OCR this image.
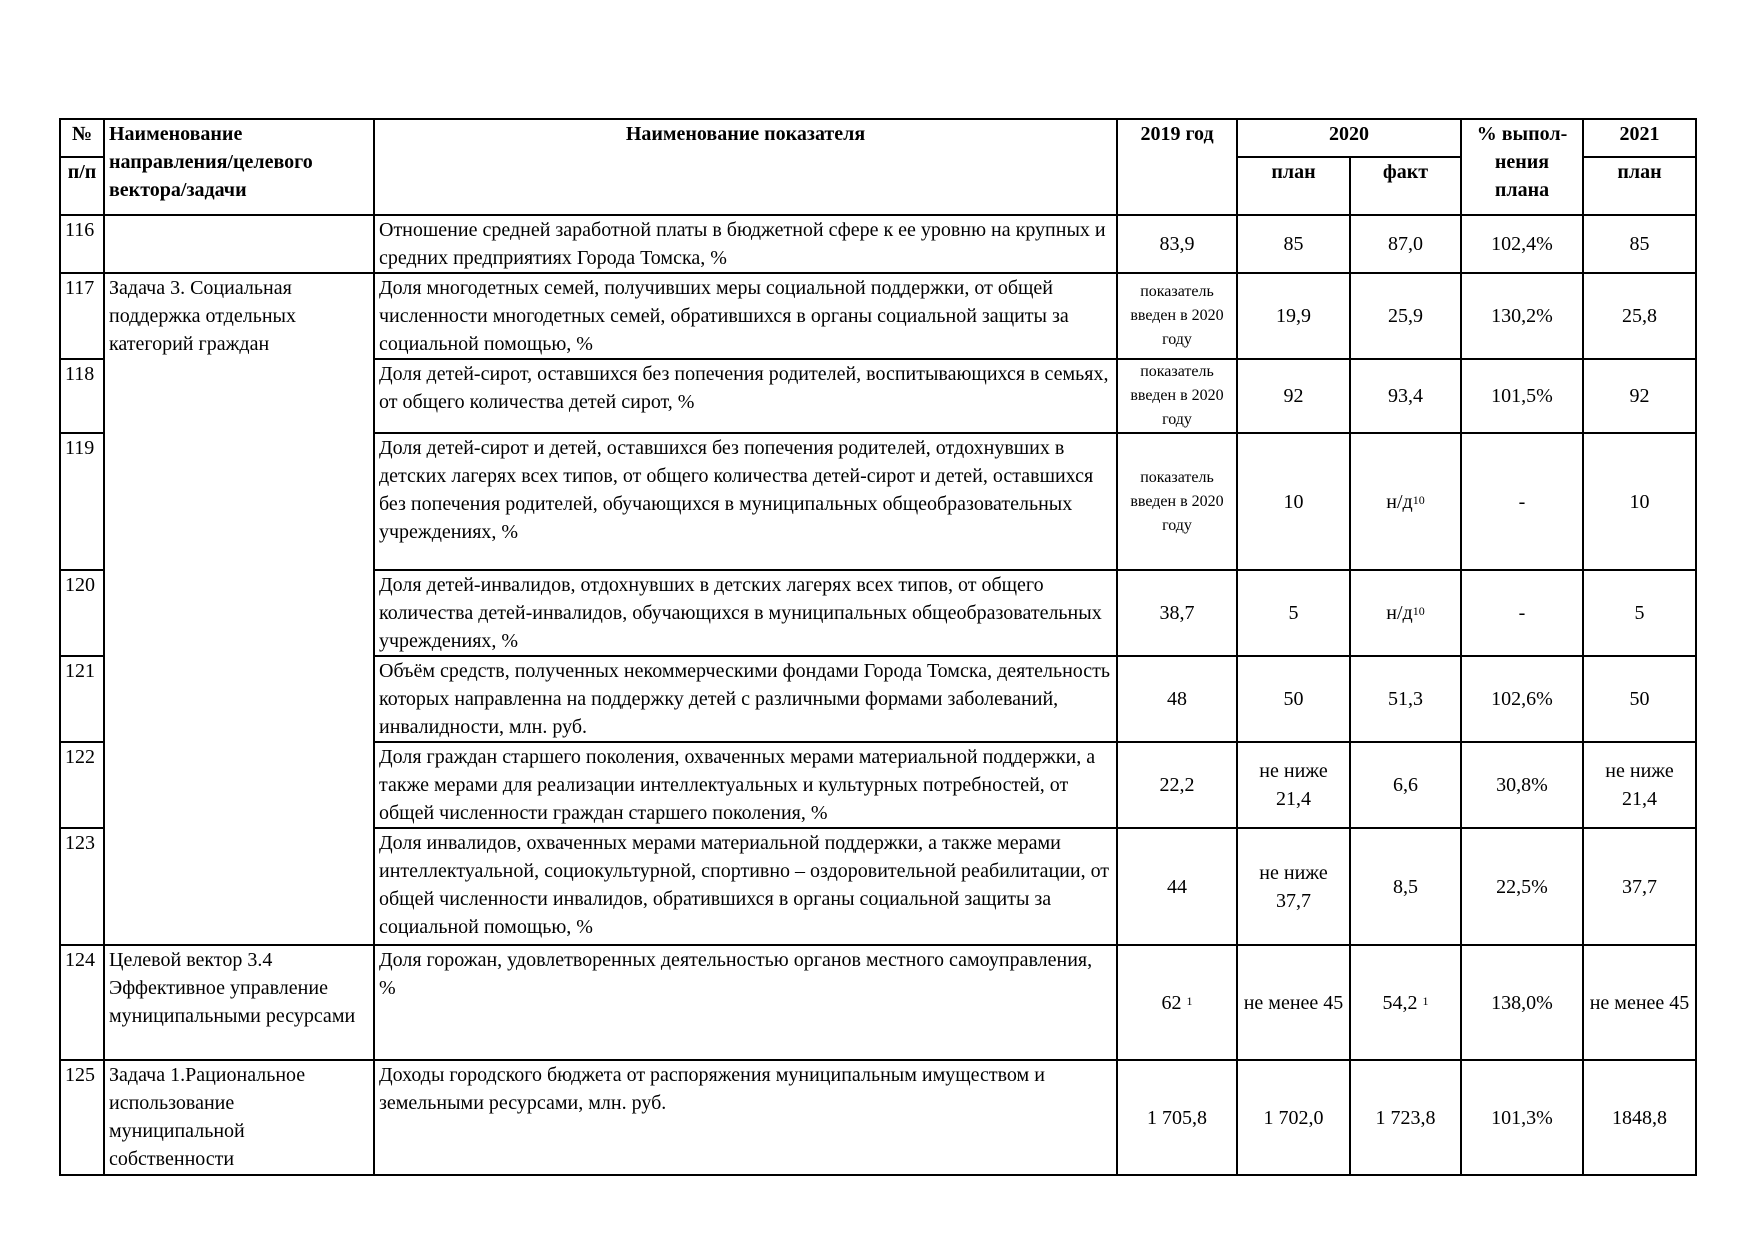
№	Наименование направления/целевого вектора/задачи	Наименование показателя	2019 год	2020		% выпол-нения плана	2021
п/п				план	факт		план
116		Отношение средней заработной платы в бюджетной сфере к ее уровню на крупных и средних предприятиях Города Томска, %	83,9	85	87,0	102,4%	85
117	Задача 3. Социальная поддержка отдельных категорий граждан	Доля многодетных семей, получивших меры социальной поддержки, от общей численности многодетных семей, обратившихся в органы социальной защиты за социальной помощью, %	показатель введен в 2020 году	19,9	25,9	130,2%	25,8
118		Доля детей-сирот, оставшихся без попечения родителей, воспитывающихся в семьях, от общего количества детей сирот, %	показатель введен в 2020 году	92	93,4	101,5%	92
119		Доля детей-сирот и детей, оставшихся без попечения родителей, отдохнувших в детских лагерях всех типов, от общего количества детей-сирот и детей, оставшихся без попечения родителей, обучающихся в муниципальных общеобразовательных учреждениях, %	показатель введен в 2020 году	10	$н/д^{10}$	-	10
120		Доля детей-инвалидов, отдохнувших в детских лагерях всех типов, от общего количества детей-инвалидов, обучающихся в муниципальных общеобразовательных учреждениях, %	38,7	5	$н/д^{10}$	-	5
121		Объём средств, полученных некоммерческими фондами Города Томска, деятельность которых направленна на поддержку детей с различными формами заболеваний, инвалидности, млн. руб.	48	50	51,3	102,6%	50
122		Доля граждан старшего поколения, охваченных мерами материальной поддержки, а также мерами для реализации интеллектуальных и культурных потребностей, от общей численности граждан старшего поколения, %	22,2	не ниже 21,4	6,6	30,8%	не ниже 21,4
123		Доля инвалидов, охваченных мерами материальной поддержки, а также мерами интеллектуальной, социокультурной, спортивно – оздоровительной реабилитации, от общей численности инвалидов, обратившихся в органы социальной защиты за социальной помощью, %	44	не ниже 37,7	8,5	22,5%	37,7
124	Целевой вектор 3.4 Эффективное управление муниципальными ресурсами	Доля горожан, удовлетворенных деятельностью органов местного самоуправления, %	62 $^1$	не менее 45	54,2 $^1$	138,0%	не менее 45
125	Задача 1.Рациональное использование муниципальной собственности	Доходы городского бюджета от распоряжения муниципальным имуществом и земельными ресурсами, млн. руб.	1 705,8	1 702,0	1 723,8	101,3%	1848,8
